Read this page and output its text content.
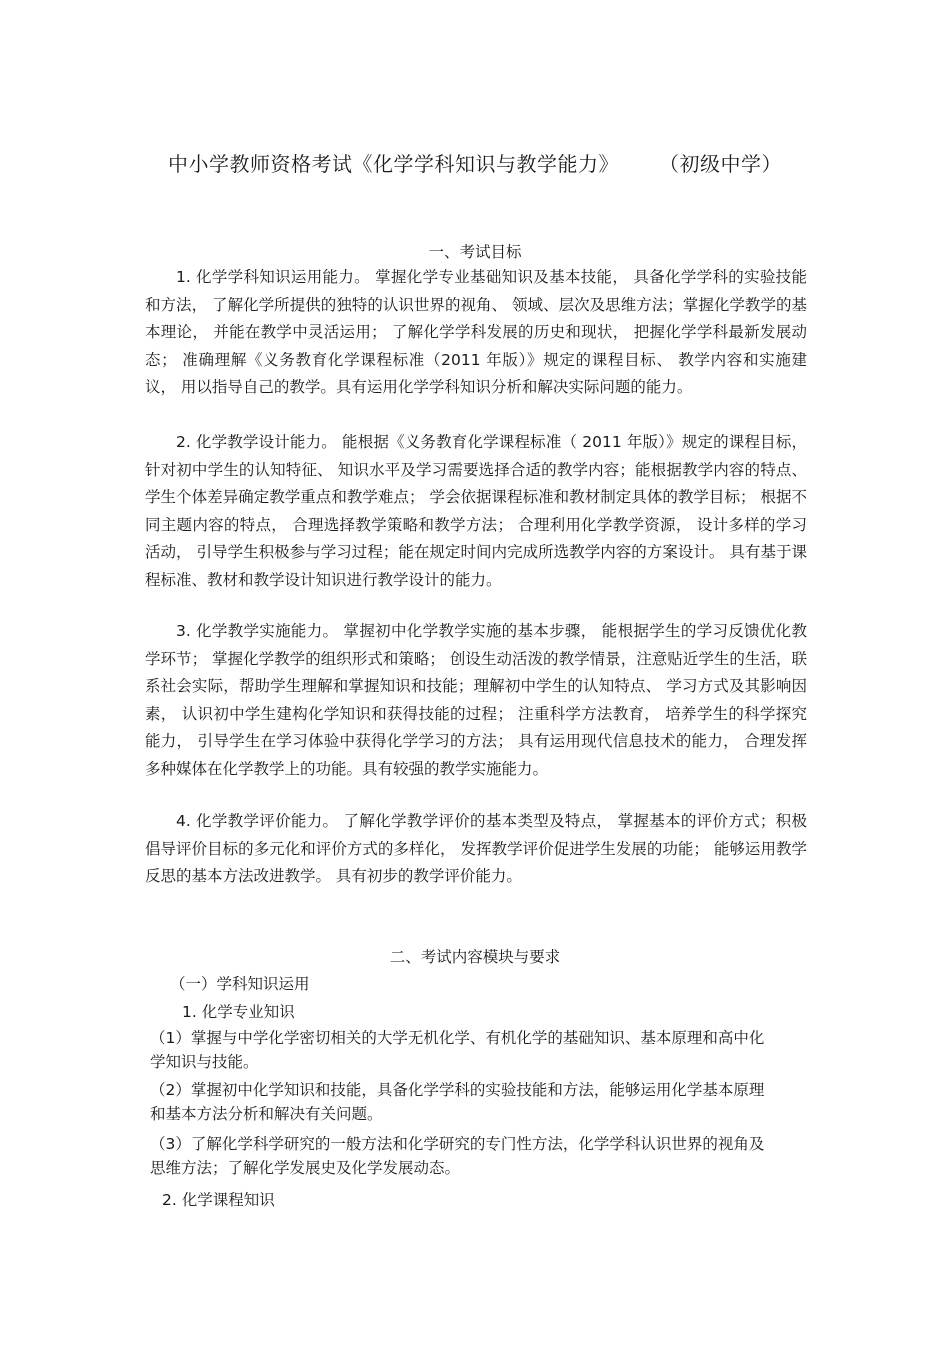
中小学教师资格考试《化学学科知识与教学能力》 （初级中学）
一、考试目标
1. 化学学科知识运用能力。 掌握化学专业基础知识及基本技能， 具备化学学科的实验技能和方法， 了解化学所提供的独特的认识世界的视角、 领域、层次及思维方法；掌握化学教学的基本理论， 并能在教学中灵活运用； 了解化学学科发展的历史和现状， 把握化学学科最新发展动态； 准确理解《义务教育化学课程标准（2011 年版）》规定的课程目标、 教学内容和实施建议， 用以指导自己的教学。具有运用化学学科知识分析和解决实际问题的能力。
2. 化学教学设计能力。 能根据《义务教育化学课程标准（ 2011 年版）》规定的课程目标， 针对初中学生的认知特征、 知识水平及学习需要选择合适的教学内容；能根据教学内容的特点、 学生个体差异确定教学重点和教学难点； 学会依据课程标准和教材制定具体的教学目标； 根据不同主题内容的特点， 合理选择教学策略和教学方法； 合理利用化学教学资源， 设计多样的学习活动， 引导学生积极参与学习过程；能在规定时间内完成所选教学内容的方案设计。 具有基于课程标准、教材和教学设计知识进行教学设计的能力。
3. 化学教学实施能力。 掌握初中化学教学实施的基本步骤， 能根据学生的学习反馈优化教学环节； 掌握化学教学的组织形式和策略； 创设生动活泼的教学情景，注意贴近学生的生活，联系社会实际，帮助学生理解和掌握知识和技能；理解初中学生的认知特点、 学习方式及其影响因素， 认识初中学生建构化学知识和获得技能的过程； 注重科学方法教育， 培养学生的科学探究能力， 引导学生在学习体验中获得化学学习的方法； 具有运用现代信息技术的能力， 合理发挥多种媒体在化学教学上的功能。具有较强的教学实施能力。
4. 化学教学评价能力。 了解化学教学评价的基本类型及特点， 掌握基本的评价方式；积极倡导评价目标的多元化和评价方式的多样化， 发挥教学评价促进学生发展的功能； 能够运用教学反思的基本方法改进教学。 具有初步的教学评价能力。
二、考试内容模块与要求
（一）学科知识运用
1. 化学专业知识
（1）掌握与中学化学密切相关的大学无机化学、有机化学的基础知识、基本原理和高中化学知识与技能。
（2）掌握初中化学知识和技能，具备化学学科的实验技能和方法，能够运用化学基本原理和基本方法分析和解决有关问题。
（3）了解化学科学研究的一般方法和化学研究的专门性方法，化学学科认识世界的视角及思维方法；了解化学发展史及化学发展动态。
2. 化学课程知识
